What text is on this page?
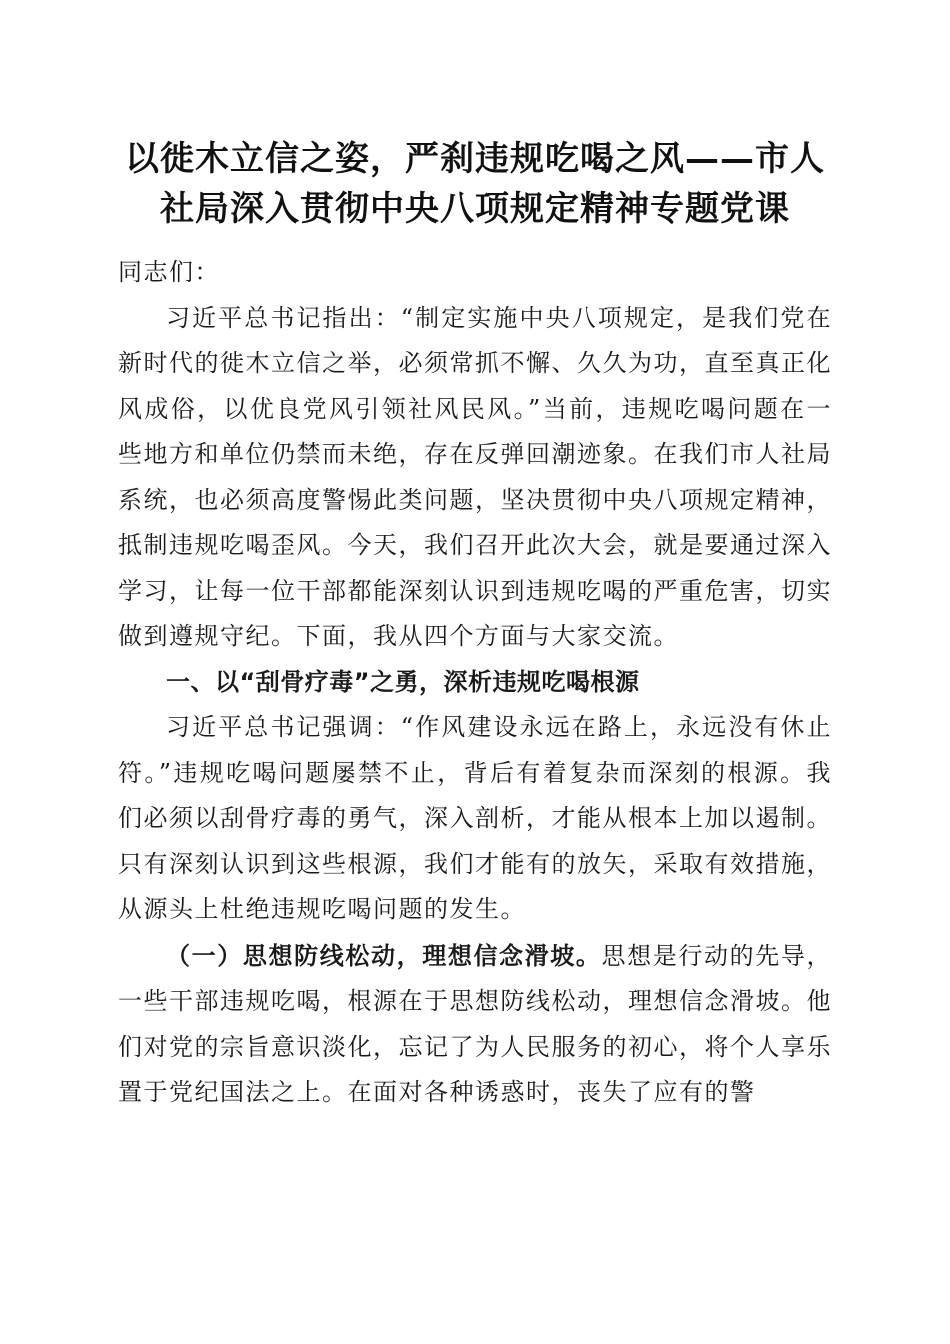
以徙木立信之姿，严刹违规吃喝之风——市人
社局深入贯彻中央八项规定精神专题党课

同志们：

习近平总书记指出：“制定实施中央八项规定，是我们党在新时代的徙木立信之举，必须常抓不懈、久久为功，直至真正化风成俗，以优良党风引领社风民风。”当前，违规吃喝问题在一些地方和单位仍禁而未绝，存在反弹回潮迹象。在我们市人社局系统，也必须高度警惕此类问题，坚决贯彻中央八项规定精神，抵制违规吃喝歪风。今天，我们召开此次大会，就是要通过深入学习，让每一位干部都能深刻认识到违规吃喝的严重危害，切实做到遵规守纪。下面，我从四个方面与大家交流。

一、以“刮骨疗毒”之勇，深析违规吃喝根源

习近平总书记强调：“作风建设永远在路上，永远没有休止符。”违规吃喝问题屡禁不止，背后有着复杂而深刻的根源。我们必须以刮骨疗毒的勇气，深入剖析，才能从根本上加以遏制。只有深刻认识到这些根源，我们才能有的放矢，采取有效措施，从源头上杜绝违规吃喝问题的发生。

（一）思想防线松动，理想信念滑坡。思想是行动的先导，一些干部违规吃喝，根源在于思想防线松动，理想信念滑坡。他们对党的宗旨意识淡化，忘记了为人民服务的初心，将个人享乐置于党纪国法之上。在面对各种诱惑时，丧失了应有的警
